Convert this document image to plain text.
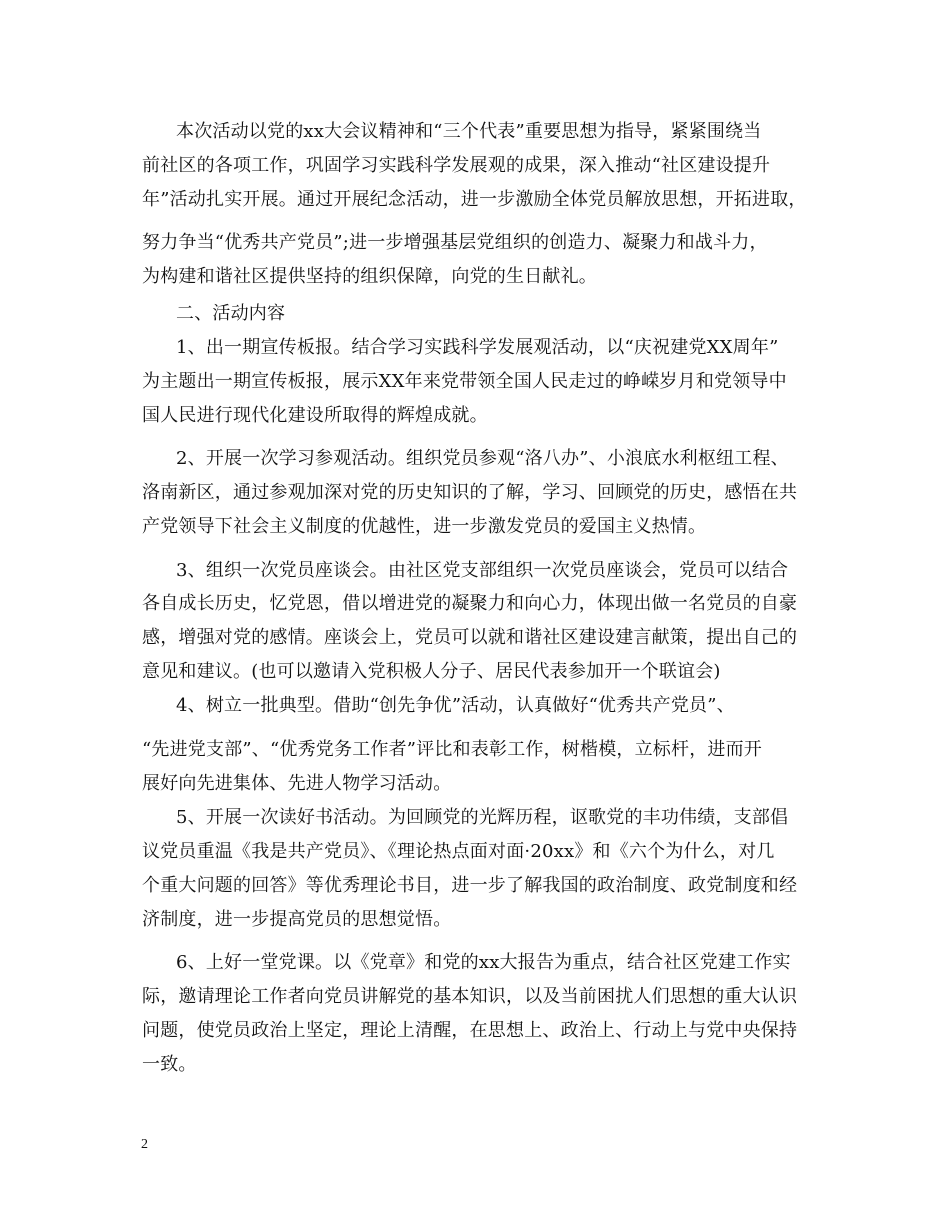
本次活动以党的xx大会议精神和“三个代表”重要思想为指导，紧紧围绕当
前社区的各项工作，巩固学习实践科学发展观的成果，深入推动“社区建设提升
年”活动扎实开展。通过开展纪念活动，进一步激励全体党员解放思想，开拓进取，
努力争当“优秀共产党员”;进一步增强基层党组织的创造力、凝聚力和战斗力，
为构建和谐社区提供坚持的组织保障，向党的生日献礼。
二、活动内容
1、出一期宣传板报。结合学习实践科学发展观活动，以“庆祝建党XX周年”
为主题出一期宣传板报，展示XX年来党带领全国人民走过的峥嵘岁月和党领导中
国人民进行现代化建设所取得的辉煌成就。
2、开展一次学习参观活动。组织党员参观“洛八办”、小浪底水利枢纽工程、
洛南新区，通过参观加深对党的历史知识的了解，学习、回顾党的历史，感悟在共
产党领导下社会主义制度的优越性，进一步激发党员的爱国主义热情。
3、组织一次党员座谈会。由社区党支部组织一次党员座谈会，党员可以结合
各自成长历史，忆党恩，借以增进党的凝聚力和向心力，体现出做一名党员的自豪
感，增强对党的感情。座谈会上，党员可以就和谐社区建设建言献策，提出自己的
意见和建议。(也可以邀请入党积极人分子、居民代表参加开一个联谊会)
4、树立一批典型。借助“创先争优”活动，认真做好“优秀共产党员”、
“先进党支部”、“优秀党务工作者”评比和表彰工作，树楷模，立标杆，进而开
展好向先进集体、先进人物学习活动。
5、开展一次读好书活动。为回顾党的光辉历程，讴歌党的丰功伟绩，支部倡
议党员重温《我是共产党员》、《理论热点面对面·20xx》和《六个为什么，对几
个重大问题的回答》等优秀理论书目，进一步了解我国的政治制度、政党制度和经
济制度，进一步提高党员的思想觉悟。
6、上好一堂党课。以《党章》和党的xx大报告为重点，结合社区党建工作实
际，邀请理论工作者向党员讲解党的基本知识，以及当前困扰人们思想的重大认识
问题，使党员政治上坚定，理论上清醒，在思想上、政治上、行动上与党中央保持
一致。
2
